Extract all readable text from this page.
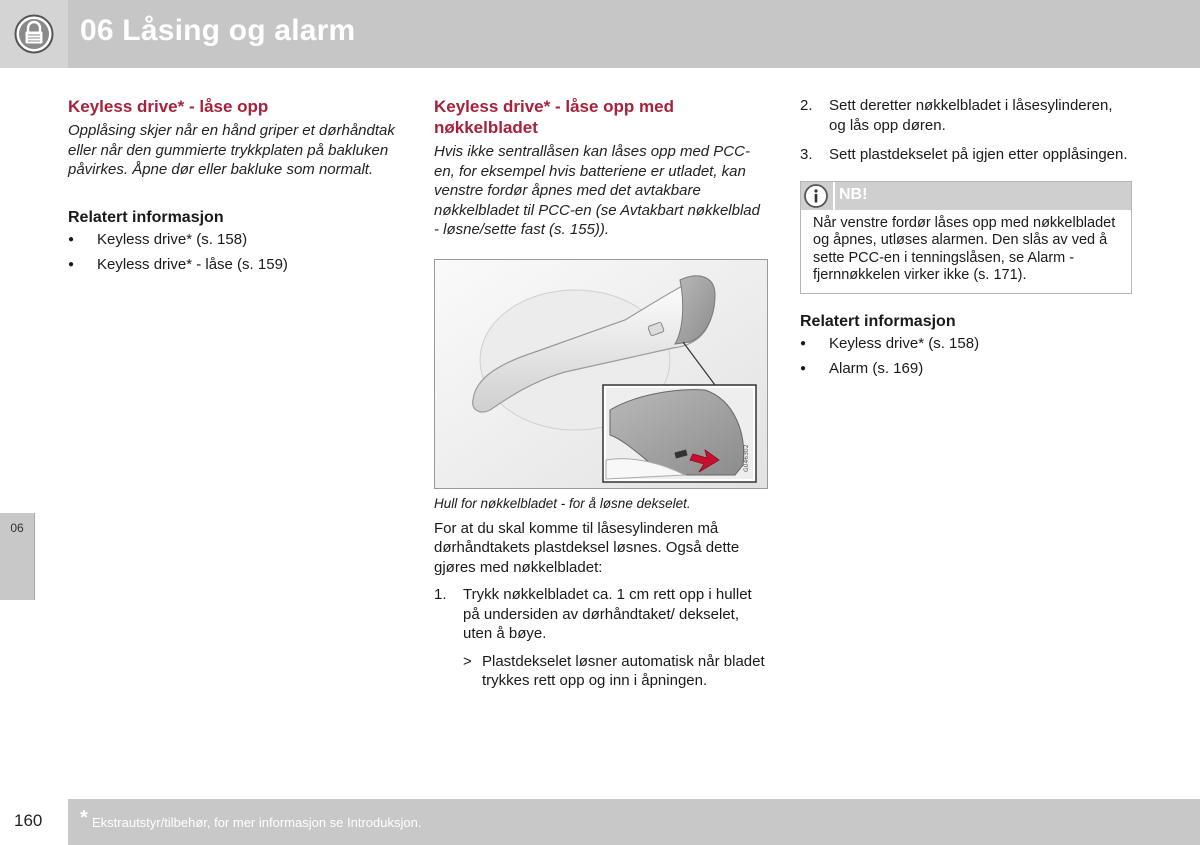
06 Låsing og alarm
06
Keyless drive* - låse opp

Opplåsing skjer når en hånd griper et dørhåndtak eller når den gummierte trykkplaten på bakluken påvirkes. Åpne dør eller bakluke som normalt.

Relatert informasjon
● Keyless drive* (s. 158)
● Keyless drive* - låse (s. 159)
Keyless drive* - låse opp med nøkkelbladet

Hvis ikke sentrallåsen kan låses opp med PCC-en, for eksempel hvis batteriene er utladet, kan venstre fordør åpnes med det avtakbare nøkkelbladet til PCC-en (se Avtakbart nøkkelblad - løsne/sette fast (s. 155)).

G046302

Hull for nøkkelbladet - for å løsne dekselet.

For at du skal komme til låsesylinderen må dørhåndtakets plastdeksel løsnes. Også dette gjøres med nøkkelbladet:

1. Trykk nøkkelbladet ca. 1 cm rett opp i hullet på undersiden av dørhåndtaket/ dekselet, uten å bøye.
> Plastdekselet løsner automatisk når bladet trykkes rett opp og inn i åpningen.
2. Sett deretter nøkkelbladet i låsesylinderen, og lås opp døren.
3. Sett plastdekselet på igjen etter opplåsingen.
NB!
Når venstre fordør låses opp med nøkkelbladet og åpnes, utløses alarmen. Den slås av ved å sette PCC-en i tenningslåsen, se Alarm - fjernnøkkelen virker ikke (s. 171).
Relatert informasjon
● Keyless drive* (s. 158)
● Alarm (s. 169)
160 * Ekstrautstyr/tilbehør, for mer informasjon se Introduksjon.
